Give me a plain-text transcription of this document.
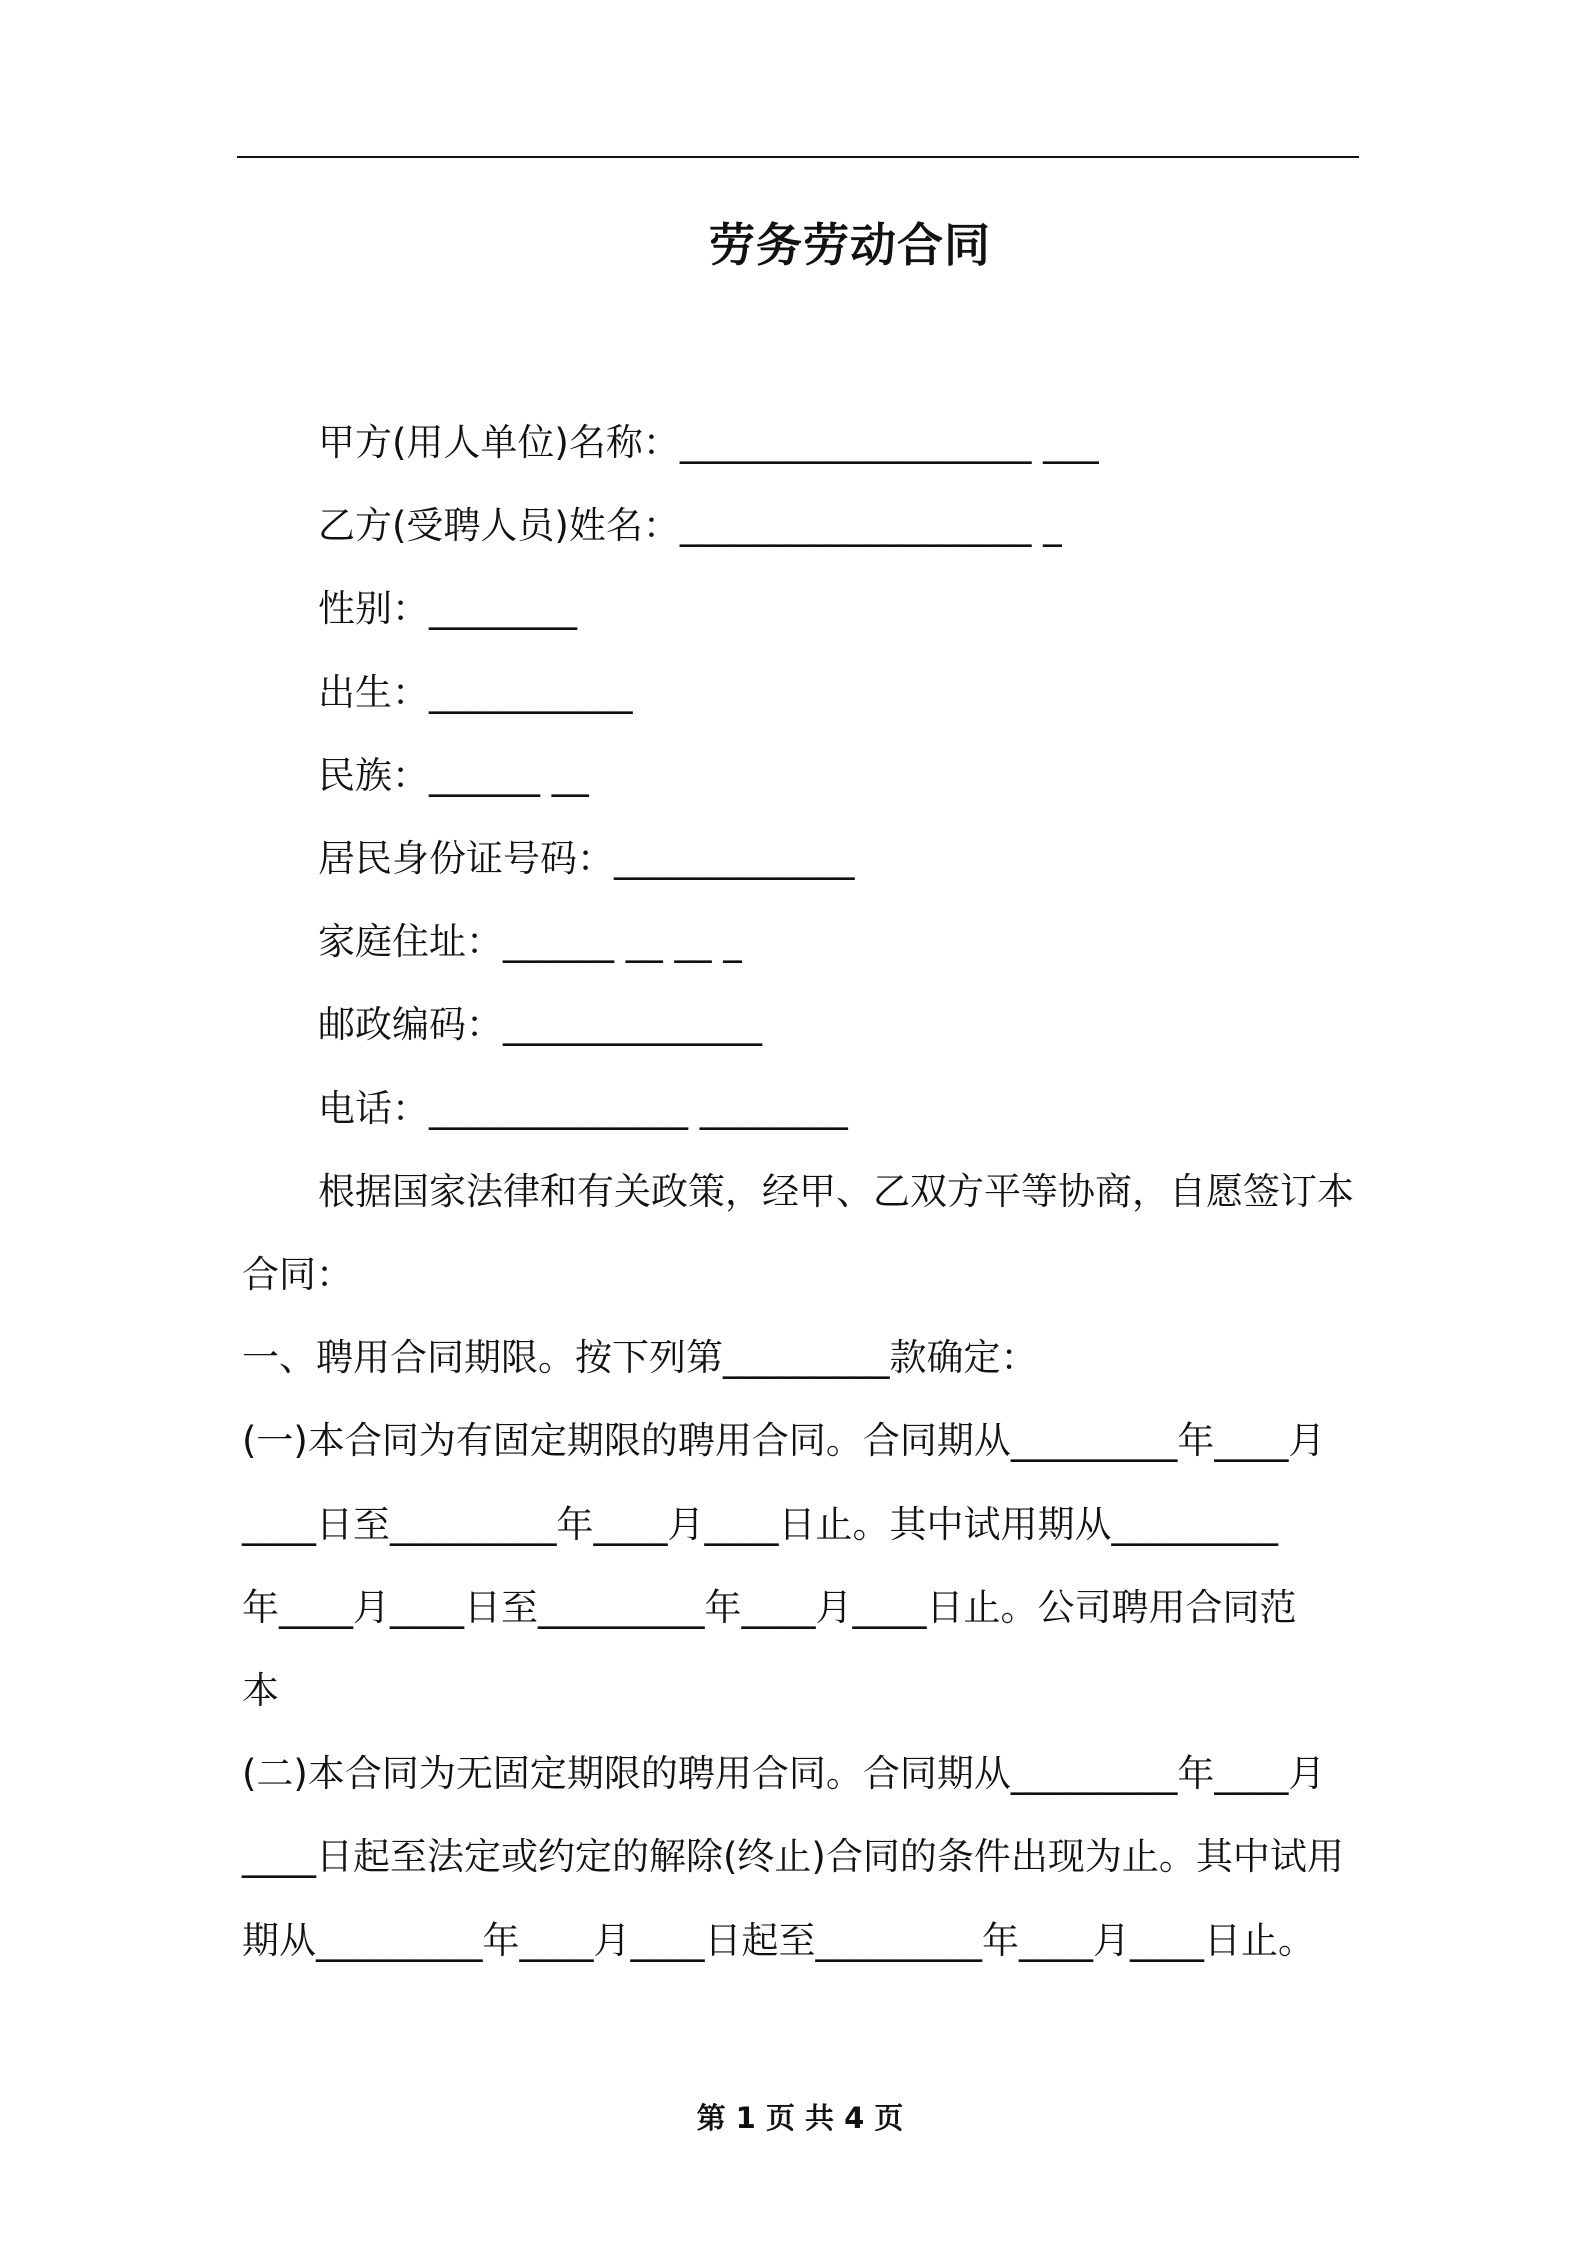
劳务劳动合同
甲方(用人单位)名称：___________________ ___
乙方(受聘人员)姓名：___________________ _
性别：________
出生：___________
民族：______ __
居民身份证号码：_____________
家庭住址：______ __ __ _
邮政编码：______________
电话：______________ ________
根据国家法律和有关政策，经甲、乙双方平等协商，自愿签订本
合同：
一、聘用合同期限。按下列第_________款确定：
(一)本合同为有固定期限的聘用合同。合同期从_________年____月
____日至_________年____月____日止。其中试用期从_________
年____月____日至_________年____月____日止。公司聘用合同范
本
(二)本合同为无固定期限的聘用合同。合同期从_________年____月
____日起至法定或约定的解除(终止)合同的条件出现为止。其中试用
期从_________年____月____日起至_________年____月____日止。
第 1 页 共 4 页
